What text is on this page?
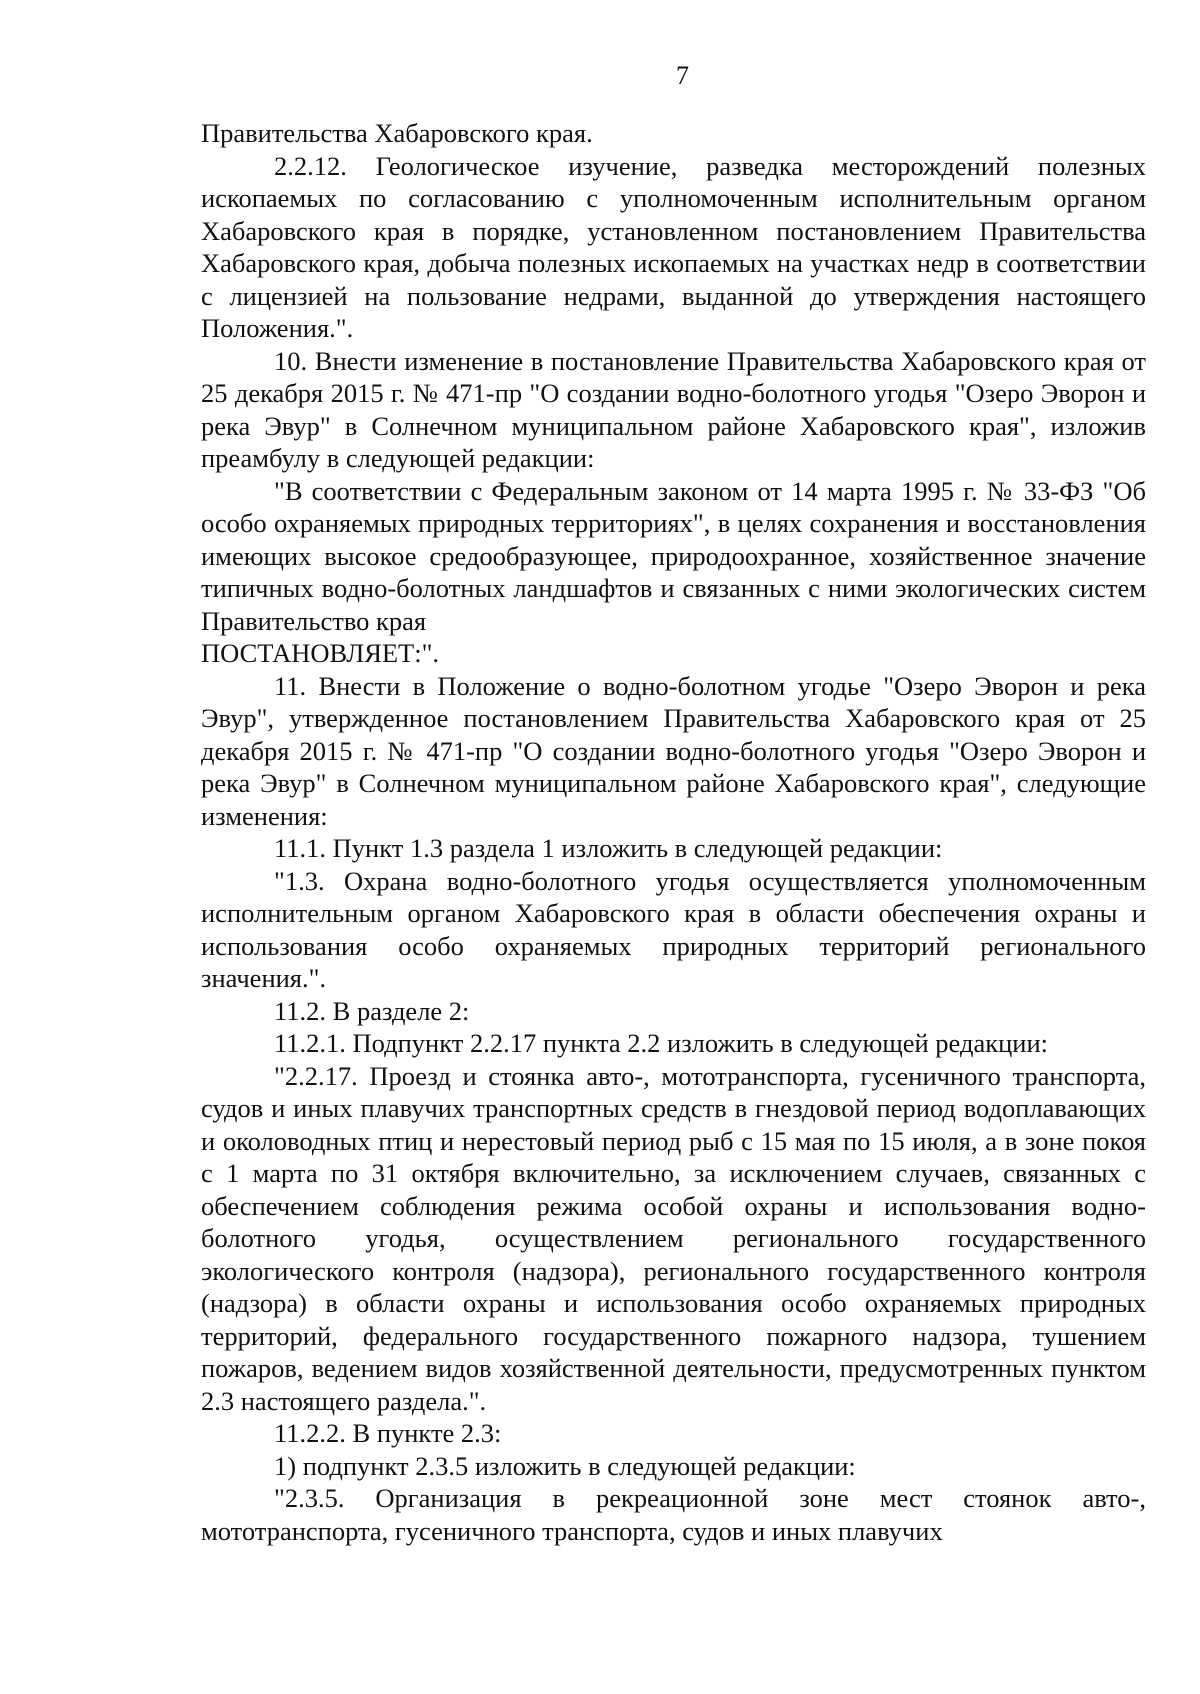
7

Правительства Хабаровского края.

2.2.12. Геологическое изучение, разведка месторождений полезных ископаемых по согласованию с уполномоченным исполнительным органом Хабаровского края в порядке, установленном постановлением Правительства Хабаровского края, добыча полезных ископаемых на участках недр в соответствии с лицензией на пользование недрами, выданной до утверждения настоящего Положения.".

10. Внести изменение в постановление Правительства Хабаровского края от 25 декабря 2015 г. № 471-пр "О создании водно-болотного угодья "Озеро Эворон и река Эвур" в Солнечном муниципальном районе Хабаровского края", изложив преамбулу в следующей редакции:

"В соответствии с Федеральным законом от 14 марта 1995 г. № 33-ФЗ "Об особо охраняемых природных территориях", в целях сохранения и восстановления имеющих высокое средообразующее, природоохранное, хозяйственное значение типичных водно-болотных ландшафтов и связанных с ними экологических систем Правительство края

ПОСТАНОВЛЯЕТ:".

11. Внести в Положение о водно-болотном угодье "Озеро Эворон и река Эвур", утвержденное постановлением Правительства Хабаровского края от 25 декабря 2015 г. № 471-пр "О создании водно-болотного угодья "Озеро Эворон и река Эвур" в Солнечном муниципальном районе Хабаровского края", следующие изменения:

11.1. Пункт 1.3 раздела 1 изложить в следующей редакции:

"1.3. Охрана водно-болотного угодья осуществляется уполномоченным исполнительным органом Хабаровского края в области обеспечения охраны и использования особо охраняемых природных территорий регионального значения.".

11.2. В разделе 2:

11.2.1. Подпункт 2.2.17 пункта 2.2 изложить в следующей редакции:

"2.2.17. Проезд и стоянка авто-, мототранспорта, гусеничного транспорта, судов и иных плавучих транспортных средств в гнездовой период водоплавающих и околоводных птиц и нерестовый период рыб с 15 мая по 15 июля, а в зоне покоя с 1 марта по 31 октября включительно, за исключением случаев, связанных с обеспечением соблюдения режима особой охраны и использования водно-болотного угодья, осуществлением регионального государственного экологического контроля (надзора), регионального государственного контроля (надзора) в области охраны и использования особо охраняемых природных территорий, федерального государственного пожарного надзора, тушением пожаров, ведением видов хозяйственной деятельности, предусмотренных пунктом 2.3 настоящего раздела.".

11.2.2. В пункте 2.3:

1) подпункт 2.3.5 изложить в следующей редакции:

"2.3.5. Организация в рекреационной зоне мест стоянок авто-, мототранспорта, гусеничного транспорта, судов и иных плавучих
